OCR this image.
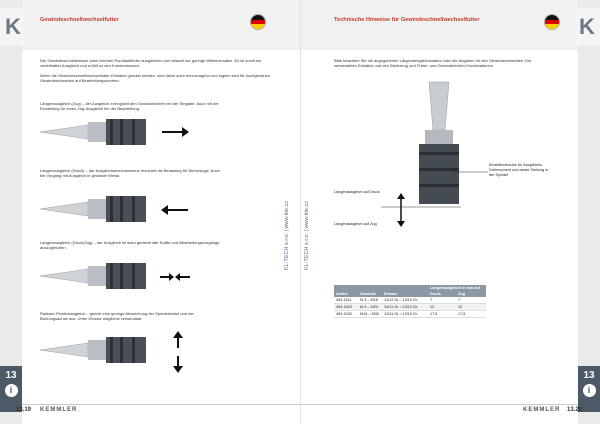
K	Gewindeschnellwechselfutter
Der Gewindeschnelleinsatz kann leichten Rundlauffehler ausgleichen und erlaubt nur geringe Mittenversätze. Es ist somit ein vorteilhafter Ausgleich und erfüllt so den Kundenwunsch.
Wenn die Gewindeschnellwechselfutter-Einsätze genutzt werden, sind diese auch hervorragend und eignen sich für hochgenaues Gewindeschneiden auf Bearbeitungszentren.
Längenausgleich (Zug) – der Ausgleich ermöglicht den Gewindebohrer bei der Eingabe. Auch mit der Einstellung für einen Zug-Ausgleich bei der Bearbeitung.
Längenausgleich (Druck) – der Ausgleichsmechanismus reduziert die Belastung für Werkzeuge. Auch bei Vorgang mit Ausgleich in gewisser Weise.
Längenausgleich (Druck/Zug) – der Ausgleich ist dazu gedacht alle Kräfte und Bearbeitungsvorgänge auszugleichen.
Radialer Pendelausgleich – gleicht eine geringe Abweichung der Spindelachse und der Bohrungsachse aus. Unter Einsatz möglichst verwendbar.
KL-TECH s.r.o. | www.kte.cz
13
i
13.19 KEMMLER
K
Technische Hinweise für Gewindeschnellwechselfutter
Bitte beachten Sie die angegebenen Längenausgleichsdaten oder die Angaben für den Gewindeschneiden. Die verwendeten Einsätze und den Werkzeug und Futter- und Gewindebohrer-Kombinationen.
Einstellschraube für Ausgleichs-Drehmoment und axiale Stellung in der Spindel
Längenausgleich auf Druck
Längenausgleich auf Zug
Längenausgleich in mm auf
Artikel	Gewinde	Einsatz	Druck	Zug
454.1511	M 3 – M16	14/11 Gr. / 13/10 Gr.	7	7
454.1520	M 5 – M24	14/11 Gr. / 13/10 Gr.	12	12
454.1530	M16 – M30	14/11 Gr. / 13/10 Gr.	17,5	17,5
KL-TECH s.r.o. | www.kte.cz
13
i
KEMMLER 13.20
